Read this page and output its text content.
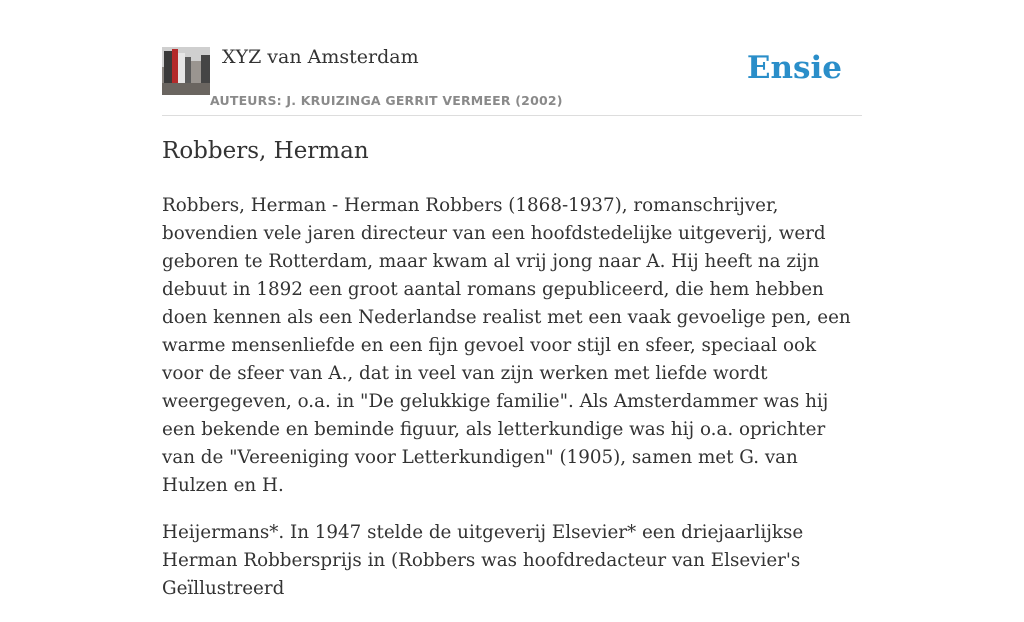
XYZ van Amsterdam
AUTEURS: J. KRUIZINGA GERRIT VERMEER (2002)
Ensie
Robbers, Herman

Robbers, Herman - Herman Robbers (1868-1937), romanschrijver, bovendien vele jaren directeur van een hoofdstedelijke uitgeverij, werd geboren te Rotterdam, maar kwam al vrij jong naar A. Hij heeft na zijn debuut in 1892 een groot aantal romans gepubliceerd, die hem hebben doen kennen als een Nederlandse realist met een vaak gevoelige pen, een warme mensenliefde en een fijn gevoel voor stijl en sfeer, speciaal ook voor de sfeer van A., dat in veel van zijn werken met liefde wordt weergegeven, o.a. in "De gelukkige familie". Als Amsterdammer was hij een bekende en beminde figuur, als letterkundige was hij o.a. oprichter van de "Vereeniging voor Letterkundigen" (1905), samen met G. van Hulzen en H.

Heijermans*. In 1947 stelde de uitgeverij Elsevier* een driejaarlijkse Herman Robbersprijs in (Robbers was hoofdredacteur van Elsevier's Geïllustreerd
